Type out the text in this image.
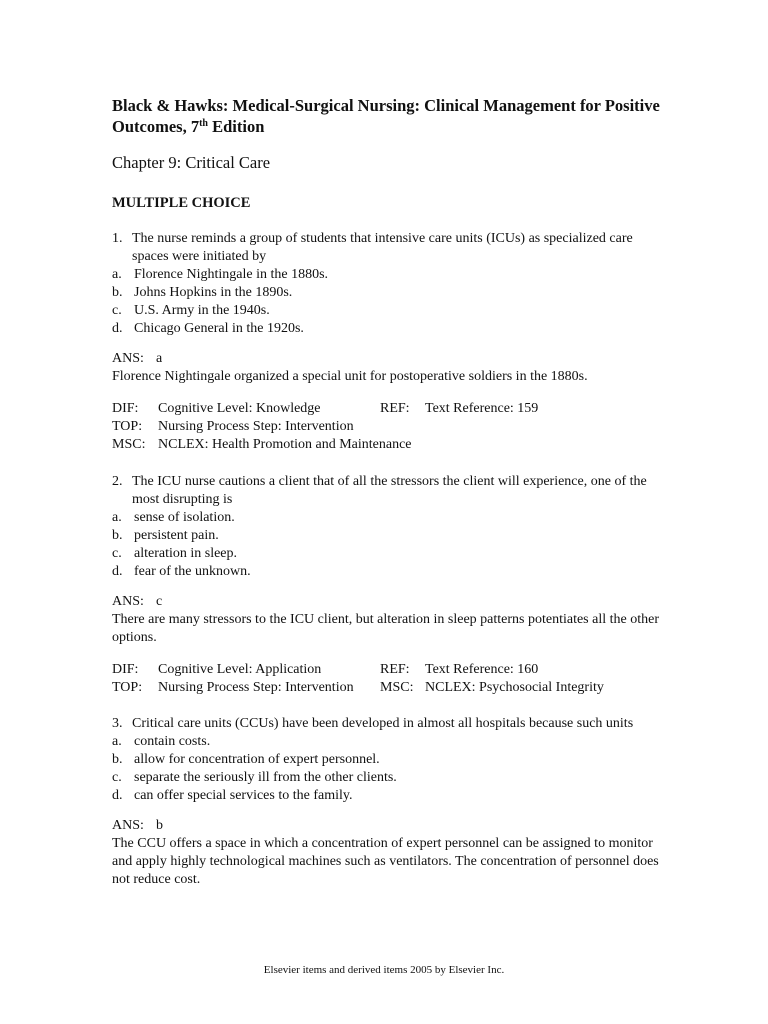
Black & Hawks: Medical-Surgical Nursing: Clinical Management for Positive Outcomes, 7th Edition
Chapter 9: Critical Care
MULTIPLE CHOICE
1. The nurse reminds a group of students that intensive care units (ICUs) as specialized care spaces were initiated by
a. Florence Nightingale in the 1880s.
b. Johns Hopkins in the 1890s.
c. U.S. Army in the 1940s.
d. Chicago General in the 1920s.
ANS: a
Florence Nightingale organized a special unit for postoperative soldiers in the 1880s.
DIF:	Cognitive Level: Knowledge	REF:	Text Reference: 159
TOP:	Nursing Process Step: Intervention
MSC: NCLEX: Health Promotion and Maintenance
2. The ICU nurse cautions a client that of all the stressors the client will experience, one of the most disrupting is
a. sense of isolation.
b. persistent pain.
c. alteration in sleep.
d. fear of the unknown.
ANS: c
There are many stressors to the ICU client, but alteration in sleep patterns potentiates all the other options.
DIF:	Cognitive Level: Application	REF:	Text Reference: 160
TOP:	Nursing Process Step: Intervention	MSC: NCLEX: Psychosocial Integrity
3. Critical care units (CCUs) have been developed in almost all hospitals because such units
a. contain costs.
b. allow for concentration of expert personnel.
c. separate the seriously ill from the other clients.
d. can offer special services to the family.
ANS: b
The CCU offers a space in which a concentration of expert personnel can be assigned to monitor and apply highly technological machines such as ventilators. The concentration of personnel does not reduce cost.
Elsevier items and derived items 2005 by Elsevier Inc.
